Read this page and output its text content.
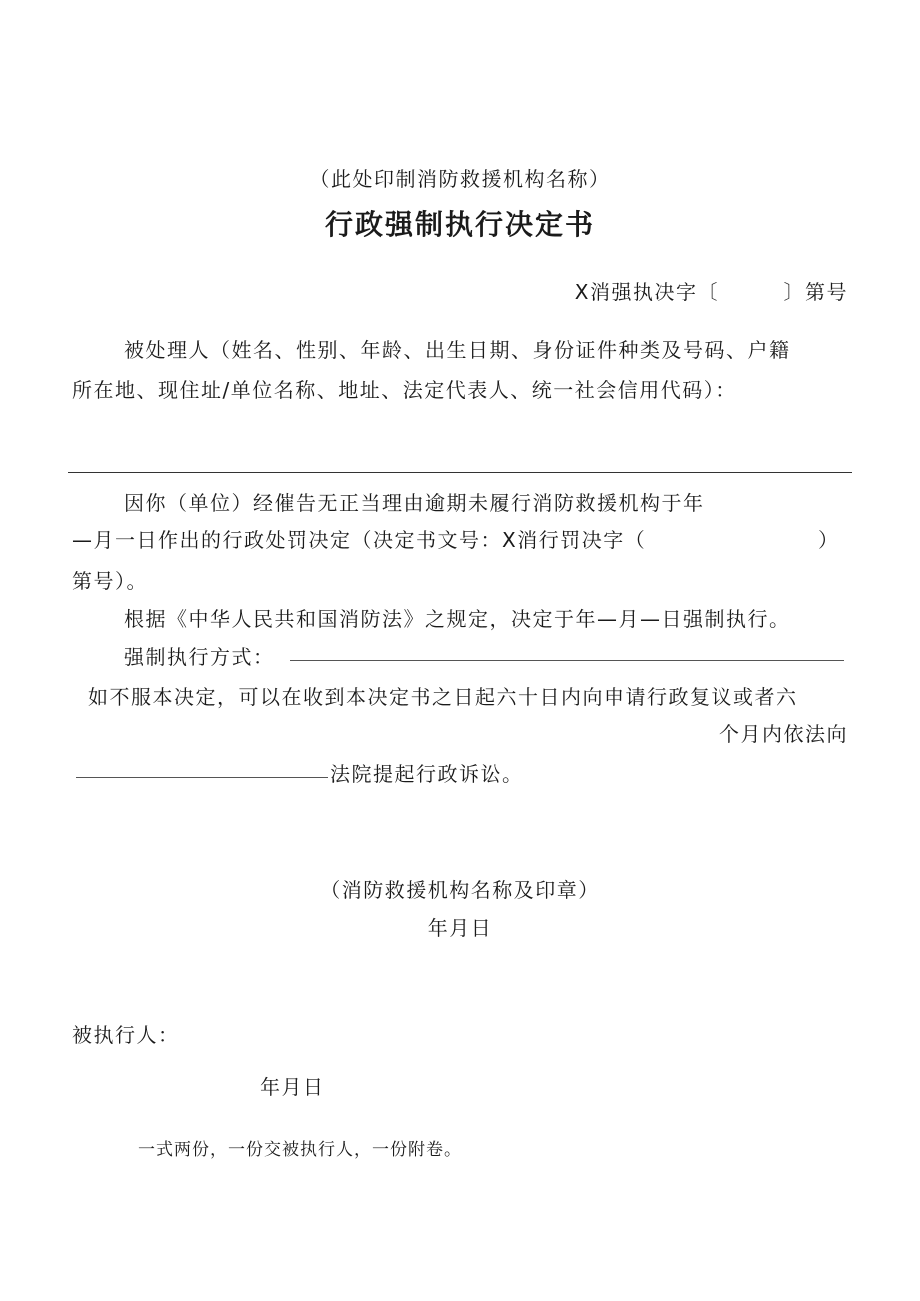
（此处印制消防救援机构名称）
行政强制执行决定书
X消强执决字〔　　　〕第号
被处理人（姓名、性别、年龄、出生日期、身份证件种类及号码、户籍
所在地、现住址/单位名称、地址、法定代表人、统一社会信用代码）：
因你（单位）经催告无正当理由逾期未履行消防救援机构于年
—月一日作出的行政处罚决定（决定书文号：X消行罚决字（	）
第号）。
根据《中华人民共和国消防法》之规定，决定于年—月—日强制执行。
强制执行方式：
如不服本决定，可以在收到本决定书之日起六十日内向申请行政复议或者六
个月内依法向
法院提起行政诉讼。
（消防救援机构名称及印章）
年月日
被执行人：
年月日
一式两份，一份交被执行人，一份附卷。
